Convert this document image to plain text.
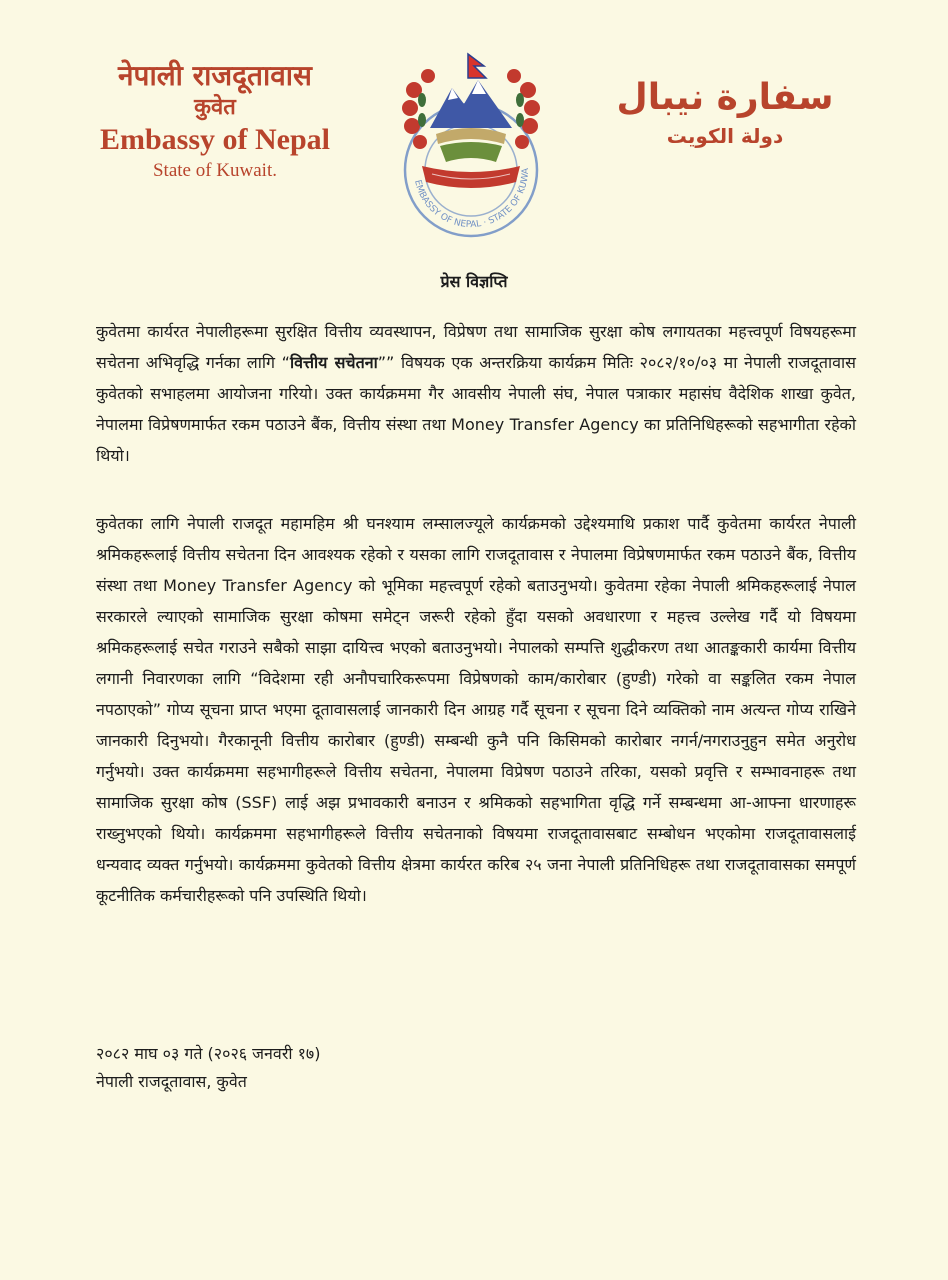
नेपाली राजदूतावास
कुवेत
Embassy of Nepal
State of Kuwait.
EMBASSY OF NEPAL · STATE OF KUWA
سفارة نيبال
دولة الكويت
प्रेस विज्ञप्ति
कुवेतमा कार्यरत नेपालीहरूमा सुरक्षित वित्तीय व्यवस्थापन, विप्रेषण तथा सामाजिक सुरक्षा कोष लगायतका महत्त्वपूर्ण विषयहरूमा सचेतना अभिवृद्धि गर्नका लागि “वित्तीय सचेतना”” विषयक एक अन्तरक्रिया कार्यक्रम मितिः २०८२/१०/०३ मा नेपाली राजदूतावास कुवेतको सभाहलमा आयोजना गरियो। उक्त कार्यक्रममा गैर आवसीय नेपाली संघ, नेपाल पत्राकार महासंघ वैदेशिक शाखा कुवेत, नेपालमा विप्रेषणमार्फत रकम पठाउने बैंक, वित्तीय संस्था तथा Money Transfer Agency का प्रतिनिधिहरूको सहभागीता रहेको थियो।
कुवेतका लागि नेपाली राजदूत महामहिम श्री घनश्याम लम्सालज्यूले कार्यक्रमको उद्देश्यमाथि प्रकाश पार्दै कुवेतमा कार्यरत नेपाली श्रमिकहरूलाई वित्तीय सचेतना दिन आवश्यक रहेको र यसका लागि राजदूतावास र नेपालमा विप्रेषणमार्फत रकम पठाउने बैंक, वित्तीय संस्था तथा Money Transfer Agency को भूमिका महत्त्वपूर्ण रहेको बताउनुभयो। कुवेतमा रहेका नेपाली श्रमिकहरूलाई नेपाल सरकारले ल्याएको सामाजिक सुरक्षा कोषमा समेट्न जरूरी रहेको हुँदा यसको अवधारणा र महत्त्व उल्लेख गर्दै यो विषयमा श्रमिकहरूलाई सचेत गराउने सबैको साझा दायित्त्व भएको बताउनुभयो। नेपालको सम्पत्ति शुद्धीकरण तथा आतङ्ककारी कार्यमा वित्तीय लगानी निवारणका लागि “विदेशमा रही अनौपचारिकरूपमा विप्रेषणको काम/कारोबार (हुण्डी) गरेको वा सङ्कलित रकम नेपाल नपठाएको” गोप्य सूचना प्राप्त भएमा दूतावासलाई जानकारी दिन आग्रह गर्दै सूचना र सूचना दिने व्यक्तिको नाम अत्यन्त गोप्य राखिने जानकारी दिनुभयो। गैरकानूनी वित्तीय कारोबार (हुण्डी) सम्बन्धी कुनै पनि किसिमको कारोबार नगर्न/नगराउनुहुन समेत अनुरोध गर्नुभयो। उक्त कार्यक्रममा सहभागीहरूले वित्तीय सचेतना, नेपालमा विप्रेषण पठाउने तरिका, यसको प्रवृत्ति र सम्भावनाहरू तथा सामाजिक सुरक्षा कोष (SSF) लाई अझ प्रभावकारी बनाउन र श्रमिकको सहभागिता वृद्धि गर्ने सम्बन्धमा आ-आफ्ना धारणाहरू राख्नुभएको थियो। कार्यक्रममा सहभागीहरूले वित्तीय सचेतनाको विषयमा राजदूतावासबाट सम्बोधन भएकोमा राजदूतावासलाई धन्यवाद व्यक्त गर्नुभयो। कार्यक्रममा कुवेतको वित्तीय क्षेत्रमा कार्यरत करिब २५ जना नेपाली प्रतिनिधिहरू तथा राजदूतावासका समपूर्ण कूटनीतिक कर्मचारीहरूको पनि उपस्थिति थियो।
२०८२ माघ ०३ गते (२०२६ जनवरी १७)
नेपाली राजदूतावास, कुवेत
